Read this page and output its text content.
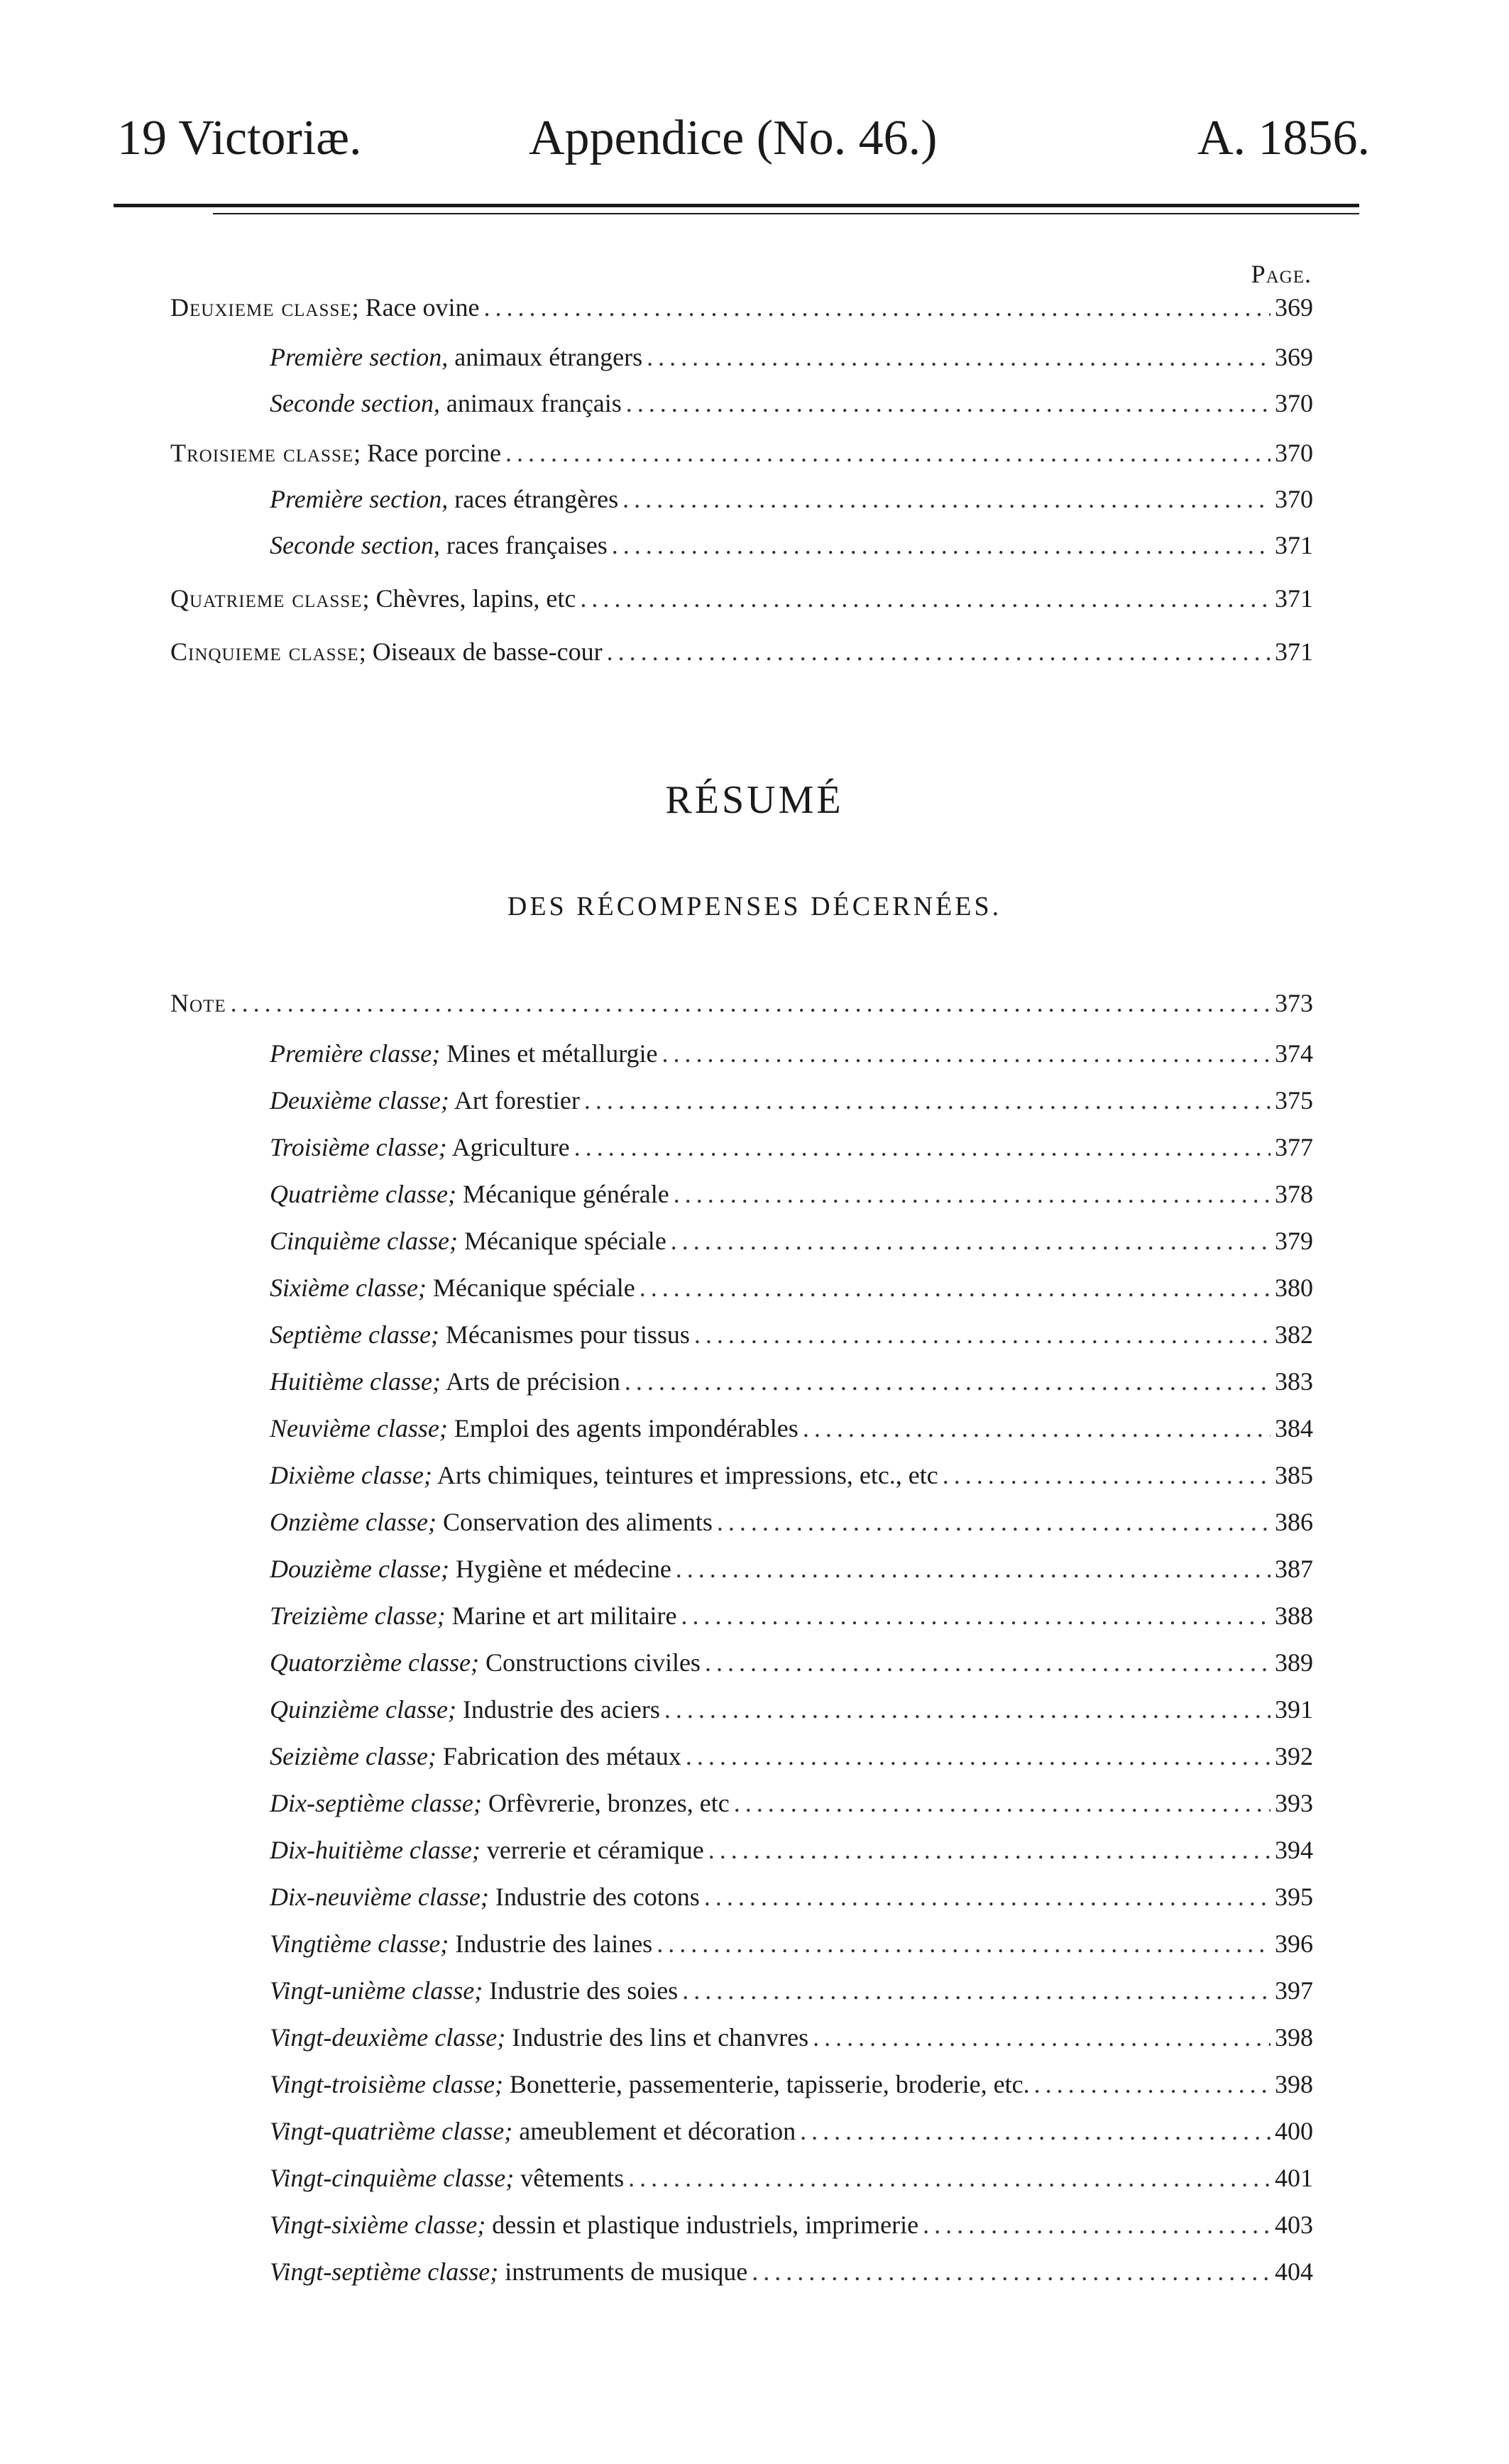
19 Victoriæ.	Appendice (No. 46.)	A. 1856.
Page.
Deuxieme classe; Race ovine .....	369
Première section, animaux étrangers .....	369
Seconde section, animaux français .....	370
Troisieme classe; Race porcine .....	370
Première section, races étrangères .....	370
Seconde section, races françaises .....	371
Quatrieme classe; Chèvres, lapins, etc .....	371
Cinquieme classe; Oiseaux de basse-cour .....	371
RÉSUMÉ
DES RÉCOMPENSES DÉCERNÉES.
Note .....	373
Première classe; Mines et métallurgie .....	374
Deuxième classe; Art forestier .....	375
Troisième classe; Agriculture .....	377
Quatrième classe; Mécanique générale .....	378
Cinquième classe; Mécanique spéciale .....	379
Sixième classe; Mécanique spéciale .....	380
Septième classe; Mécanismes pour tissus .....	382
Huitième classe; Arts de précision .....	383
Neuvième classe; Emploi des agents impondérables .....	384
Dixième classe; Arts chimiques, teintures et impressions, etc., etc .....	385
Onzième classe; Conservation des aliments .....	386
Douzième classe; Hygiène et médecine .....	387
Treizième classe; Marine et art militaire .....	388
Quatorzième classe; Constructions civiles .....	389
Quinzième classe; Industrie des aciers .....	391
Seizième classe; Fabrication des métaux .....	392
Dix-septième classe; Orfèvrerie, bronzes, etc .....	393
Dix-huitième classe; verrerie et céramique .....	394
Dix-neuvième classe; Industrie des cotons .....	395
Vingtième classe; Industrie des laines .....	396
Vingt-unième classe; Industrie des soies .....	397
Vingt-deuxième classe; Industrie des lins et chanvres .....	398
Vingt-troisième classe; Bonetterie, passementerie, tapisserie, broderie, etc. .....	398
Vingt-quatrième classe; ameublement et décoration .....	400
Vingt-cinquième classe; vêtements .....	401
Vingt-sixième classe; dessin et plastique industriels, imprimerie .....	403
Vingt-septième classe; instruments de musique .....	404
